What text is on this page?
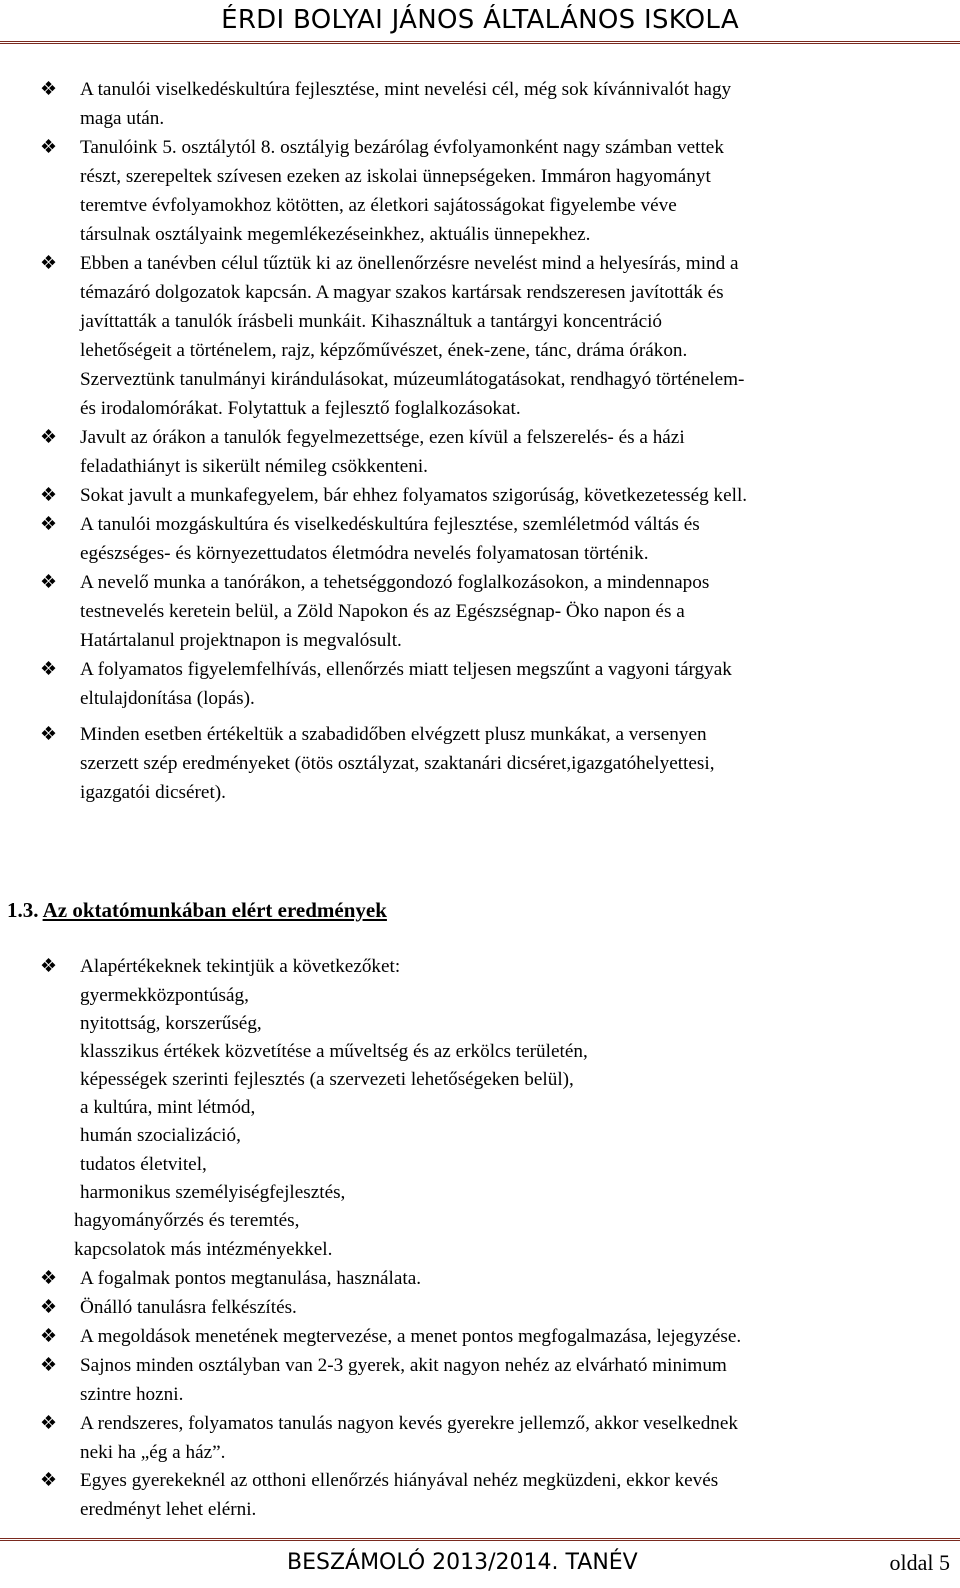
ÉRDI BOLYAI JÁNOS ÁLTALÁNOS ISKOLA
1.3. Az oktatómunkában elért eredmények
❖ A tanulói viselkedéskultúra fejlesztése, mint nevelési cél, még sok kívánnivalót hagy
maga után.
❖ Tanulóink 5. osztálytól 8. osztályig bezárólag évfolyamonként nagy számban vettek
részt, szerepeltek szívesen ezeken az iskolai ünnepségeken. Immáron hagyományt
teremtve évfolyamokhoz kötötten, az életkori sajátosságokat figyelembe véve
társulnak osztályaink megemlékezéseinkhez, aktuális ünnepekhez.
❖ Ebben a tanévben célul tűztük ki az önellenőrzésre nevelést mind a helyesírás, mind a
témazáró dolgozatok kapcsán. A magyar szakos kartársak rendszeresen javították és
javíttatták a tanulók írásbeli munkáit. Kihasználtuk a tantárgyi koncentráció
lehetőségeit a történelem, rajz, képzőművészet, ének-zene, tánc, dráma órákon.
Szerveztünk tanulmányi kirándulásokat, múzeumlátogatásokat, rendhagyó történelem-
és irodalomórákat. Folytattuk a fejlesztő foglalkozásokat.
❖ Javult az órákon a tanulók fegyelmezettsége, ezen kívül a felszerelés- és a házi
feladathiányt is sikerült némileg csökkenteni.
❖ Sokat javult a munkafegyelem, bár ehhez folyamatos szigorúság, következetesség kell.
❖ A tanulói mozgáskultúra és viselkedéskultúra fejlesztése, szemléletmód váltás és
egészséges- és környezettudatos életmódra nevelés folyamatosan történik.
❖ A nevelő munka a tanórákon, a tehetséggondozó foglalkozásokon, a mindennapos
testnevelés keretein belül, a Zöld Napokon és az Egészségnap- Öko napon és a
Határtalanul projektnapon is megvalósult.
❖ A folyamatos figyelemfelhívás, ellenőrzés miatt teljesen megszűnt a vagyoni tárgyak
eltulajdonítása (lopás).
❖ Minden esetben értékeltük a szabadidőben elvégzett plusz munkákat, a versenyen
szerzett szép eredményeket (ötös osztályzat, szaktanári dicséret,igazgatóhelyettesi,
igazgatói dicséret).
❖ Alapértékeknek tekintjük a következőket:
gyermekközpontúság,
nyitottság, korszerűség,
klasszikus értékek közvetítése a műveltség és az erkölcs területén,
képességek szerinti fejlesztés (a szervezeti lehetőségeken belül),
a kultúra, mint létmód,
humán szocializáció,
tudatos életvitel,
harmonikus személyiségfejlesztés,
hagyományőrzés és teremtés,
kapcsolatok más intézményekkel.
❖ A fogalmak pontos megtanulása, használata.
❖ Önálló tanulásra felkészítés.
❖ A megoldások menetének megtervezése, a menet pontos megfogalmazása, lejegyzése.
❖ Sajnos minden osztályban van 2-3 gyerek, akit nagyon nehéz az elvárható minimum
szintre hozni.
❖ A rendszeres, folyamatos tanulás nagyon kevés gyerekre jellemző, akkor veselkednek
neki ha „ég a ház”.
❖ Egyes gyerekeknél az otthoni ellenőrzés hiányával nehéz megküzdeni, ekkor kevés
eredményt lehet elérni.
BESZÁMOLÓ 2013/2014. TANÉV	oldal 5
